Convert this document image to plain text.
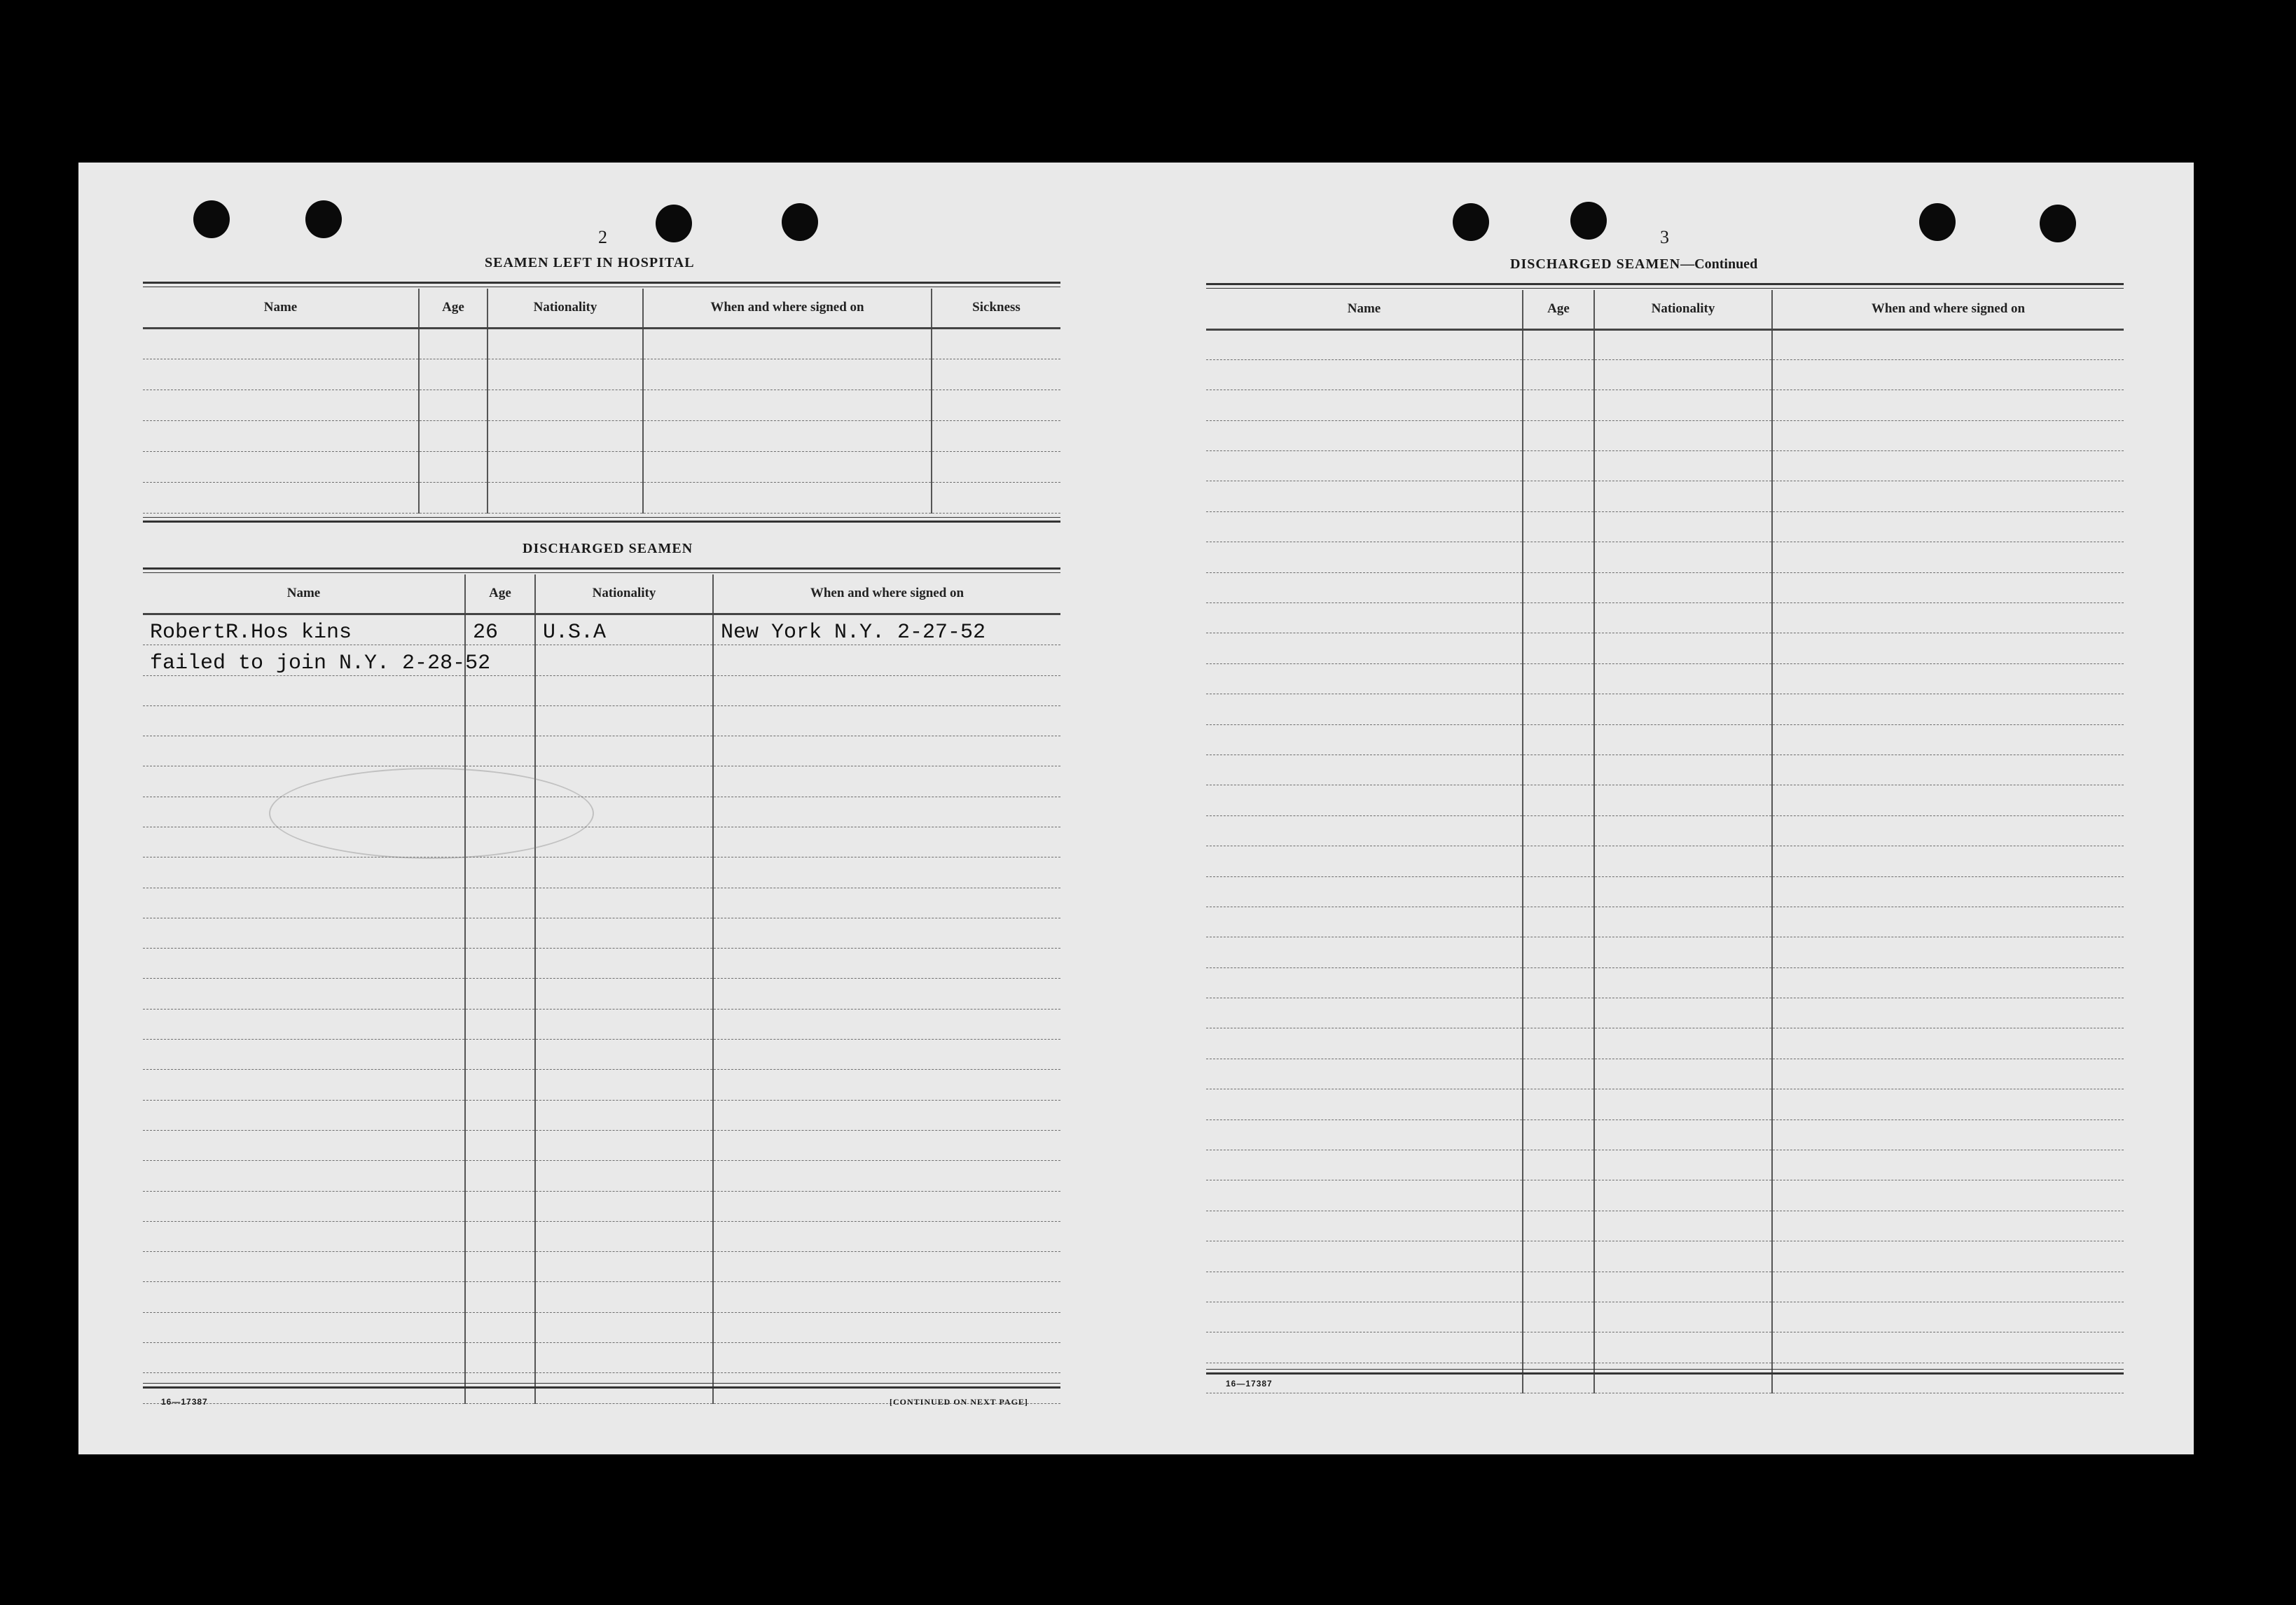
2
SEAMEN LEFT IN HOSPITAL
Name	Age	Nationality	When and where signed on	Sickness

DISCHARGED SEAMEN
Name	Age	Nationality	When and where signed on
RobertR.Hos kins	26	U.S.A	New York N.Y. 2-27-52
failed to join N.Y. 2-28-52			

16—17387	[CONTINUED ON NEXT PAGE]
3
DISCHARGED SEAMEN—Continued
Name	Age	Nationality	When and where signed on

16—17387
